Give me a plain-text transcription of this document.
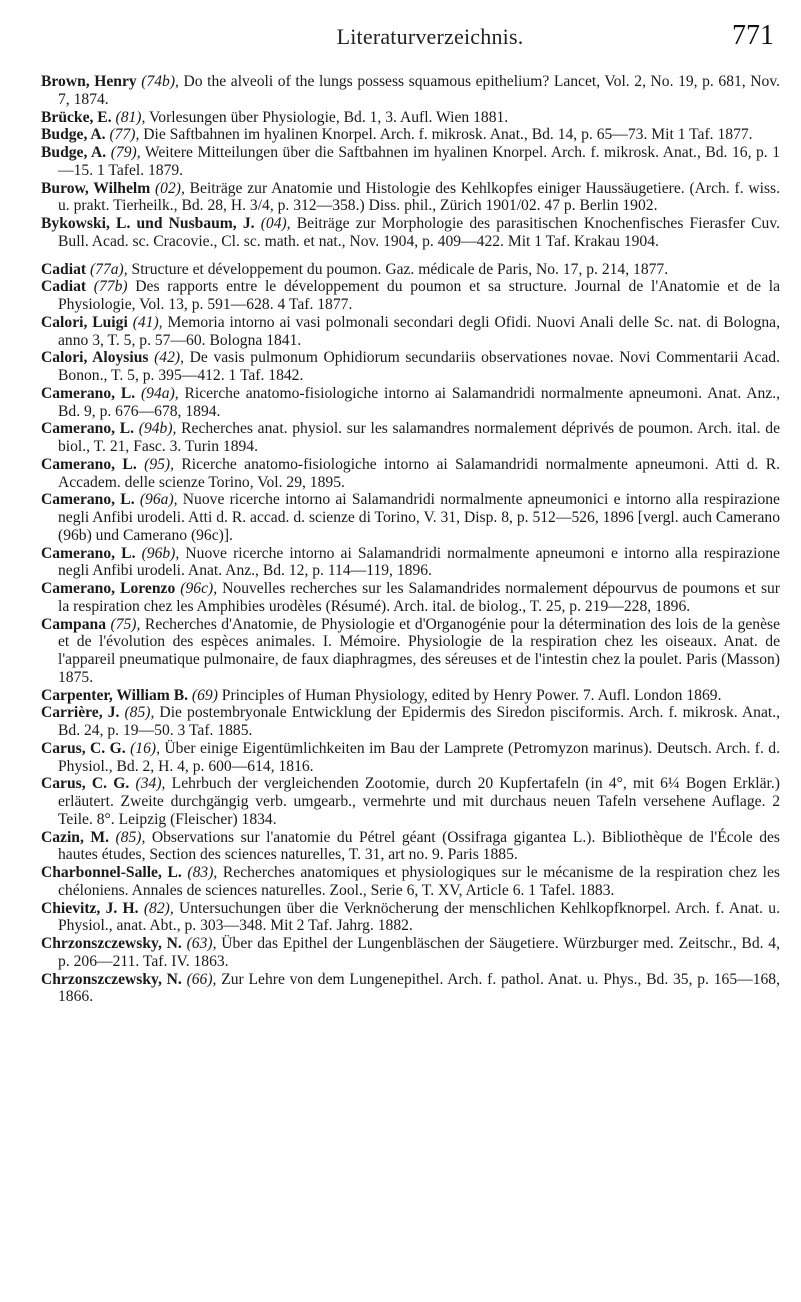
Literaturverzeichnis.	771

Brown, Henry (74b), Do the alveoli of the lungs possess squamous epithelium? Lancet, Vol. 2, No. 19, p. 681, Nov. 7, 1874.

Brücke, E. (81), Vorlesungen über Physiologie, Bd. 1, 3. Aufl. Wien 1881.

Budge, A. (77), Die Saftbahnen im hyalinen Knorpel. Arch. f. mikrosk. Anat., Bd. 14, p. 65—73. Mit 1 Taf. 1877.

Budge, A. (79), Weitere Mitteilungen über die Saftbahnen im hyalinen Knorpel. Arch. f. mikrosk. Anat., Bd. 16, p. 1—15. 1 Tafel. 1879.

Burow, Wilhelm (02), Beiträge zur Anatomie und Histologie des Kehlkopfes einiger Haussäugetiere. (Arch. f. wiss. u. prakt. Tierheilk., Bd. 28, H. 3/4, p. 312—358.) Diss. phil., Zürich 1901/02. 47 p. Berlin 1902.

Bykowski, L. und Nusbaum, J. (04), Beiträge zur Morphologie des parasitischen Knochenfisches Fierasfer Cuv. Bull. Acad. sc. Cracovie., Cl. sc. math. et nat., Nov. 1904, p. 409—422. Mit 1 Taf. Krakau 1904.

Cadiat (77a), Structure et développement du poumon. Gaz. médicale de Paris, No. 17, p. 214, 1877.

Cadiat (77b) Des rapports entre le développement du poumon et sa structure. Journal de l'Anatomie et de la Physiologie, Vol. 13, p. 591—628. 4 Taf. 1877.

Calori, Luigi (41), Memoria intorno ai vasi polmonali secondari degli Ofidi. Nuovi Anali delle Sc. nat. di Bologna, anno 3, T. 5, p. 57—60. Bologna 1841.

Calori, Aloysius (42), De vasis pulmonum Ophidiorum secundariis observationes novae. Novi Commentarii Acad. Bonon., T. 5, p. 395—412. 1 Taf. 1842.

Camerano, L. (94a), Ricerche anatomo-fisiologiche intorno ai Salamandridi normalmente apneumoni. Anat. Anz., Bd. 9, p. 676—678, 1894.

Camerano, L. (94b), Recherches anat. physiol. sur les salamandres normalement déprivés de poumon. Arch. ital. de biol., T. 21, Fasc. 3. Turin 1894.

Camerano, L. (95), Ricerche anatomo-fisiologiche intorno ai Salamandridi normalmente apneumoni. Atti d. R. Accadem. delle scienze Torino, Vol. 29, 1895.

Camerano, L. (96a), Nuove ricerche intorno ai Salamandridi normalmente apneumonici e intorno alla respirazione negli Anfibi urodeli. Atti d. R. accad. d. scienze di Torino, V. 31, Disp. 8, p. 512—526, 1896 [vergl. auch Camerano (96b) und Camerano (96c)].

Camerano, L. (96b), Nuove ricerche intorno ai Salamandridi normalmente apneumoni e intorno alla respirazione negli Anfibi urodeli. Anat. Anz., Bd. 12, p. 114—119, 1896.

Camerano, Lorenzo (96c), Nouvelles recherches sur les Salamandrides normalement dépourvus de poumons et sur la respiration chez les Amphibies urodèles (Résumé). Arch. ital. de biolog., T. 25, p. 219—228, 1896.

Campana (75), Recherches d'Anatomie, de Physiologie et d'Organogénie pour la détermination des lois de la genèse et de l'évolution des espèces animales. I. Mémoire. Physiologie de la respiration chez les oiseaux. Anat. de l'appareil pneumatique pulmonaire, de faux diaphragmes, des séreuses et de l'intestin chez la poulet. Paris (Masson) 1875.

Carpenter, William B. (69) Principles of Human Physiology, edited by Henry Power. 7. Aufl. London 1869.

Carrière, J. (85), Die postembryonale Entwicklung der Epidermis des Siredon pisciformis. Arch. f. mikrosk. Anat., Bd. 24, p. 19—50. 3 Taf. 1885.

Carus, C. G. (16), Über einige Eigentümlichkeiten im Bau der Lamprete (Petromyzon marinus). Deutsch. Arch. f. d. Physiol., Bd. 2, H. 4, p. 600—614, 1816.

Carus, C. G. (34), Lehrbuch der vergleichenden Zootomie, durch 20 Kupfertafeln (in 4°, mit 6¼ Bogen Erklär.) erläutert. Zweite durchgängig verb. umgearb., vermehrte und mit durchaus neuen Tafeln versehene Auflage. 2 Teile. 8°. Leipzig (Fleischer) 1834.

Cazin, M. (85), Observations sur l'anatomie du Pétrel géant (Ossifraga gigantea L.). Bibliothèque de l'École des hautes études, Section des sciences naturelles, T. 31, art no. 9. Paris 1885.

Charbonnel-Salle, L. (83), Recherches anatomiques et physiologiques sur le mécanisme de la respiration chez les chéloniens. Annales de sciences naturelles. Zool., Serie 6, T. XV, Article 6. 1 Tafel. 1883.

Chievitz, J. H. (82), Untersuchungen über die Verknöcherung der menschlichen Kehlkopfknorpel. Arch. f. Anat. u. Physiol., anat. Abt., p. 303—348. Mit 2 Taf. Jahrg. 1882.

Chrzonszczewsky, N. (63), Über das Epithel der Lungenbläschen der Säugetiere. Würzburger med. Zeitschr., Bd. 4, p. 206—211. Taf. IV. 1863.

Chrzonszczewsky, N. (66), Zur Lehre von dem Lungenepithel. Arch. f. pathol. Anat. u. Phys., Bd. 35, p. 165—168, 1866.
